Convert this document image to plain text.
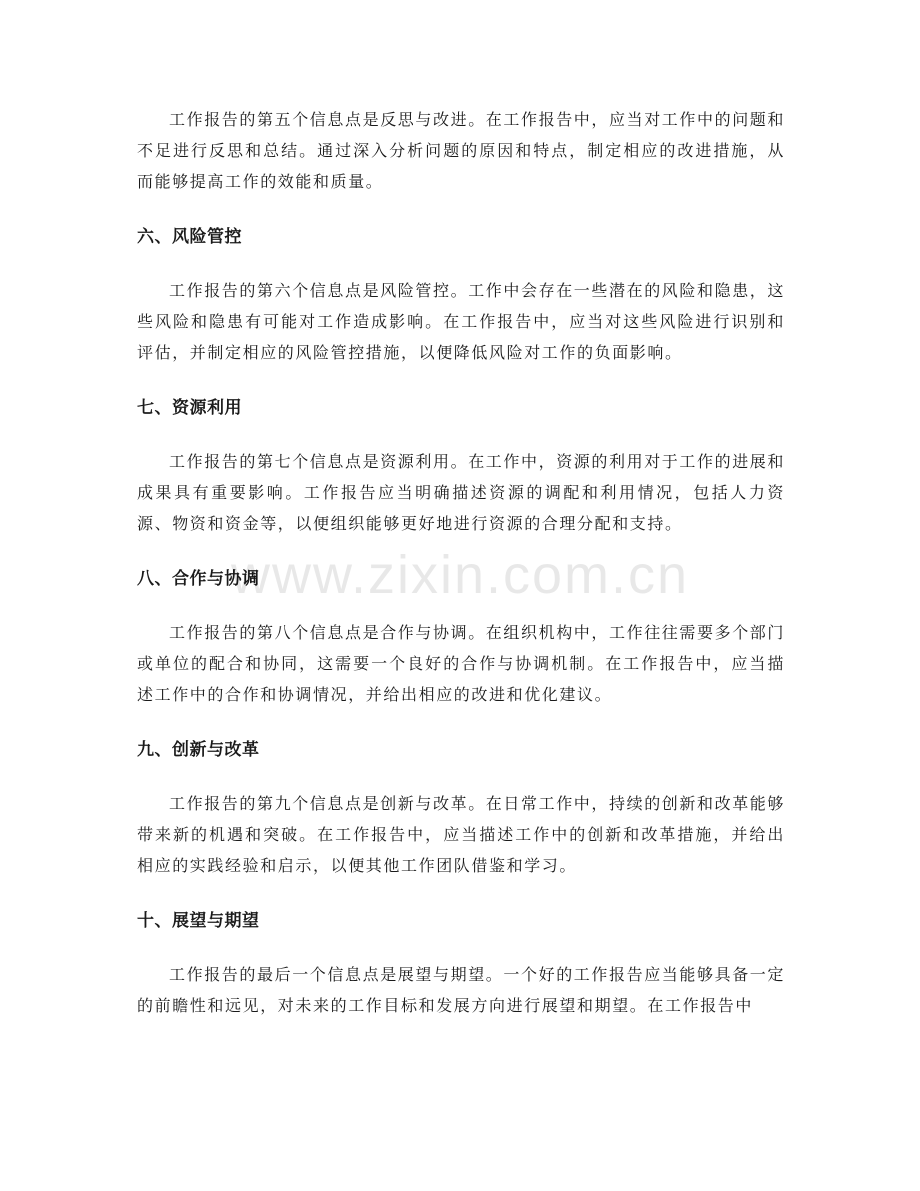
工作报告的第五个信息点是反思与改进。在工作报告中，应当对工作中的问题和不足进行反思和总结。通过深入分析问题的原因和特点，制定相应的改进措施，从而能够提高工作的效能和质量。

六、风险管控

工作报告的第六个信息点是风险管控。工作中会存在一些潜在的风险和隐患，这些风险和隐患有可能对工作造成影响。在工作报告中，应当对这些风险进行识别和评估，并制定相应的风险管控措施，以便降低风险对工作的负面影响。

七、资源利用

工作报告的第七个信息点是资源利用。在工作中，资源的利用对于工作的进展和成果具有重要影响。工作报告应当明确描述资源的调配和利用情况，包括人力资源、物资和资金等，以便组织能够更好地进行资源的合理分配和支持。

八、合作与协调

工作报告的第八个信息点是合作与协调。在组织机构中，工作往往需要多个部门或单位的配合和协同，这需要一个良好的合作与协调机制。在工作报告中，应当描述工作中的合作和协调情况，并给出相应的改进和优化建议。

九、创新与改革

工作报告的第九个信息点是创新与改革。在日常工作中，持续的创新和改革能够带来新的机遇和突破。在工作报告中，应当描述工作中的创新和改革措施，并给出相应的实践经验和启示，以便其他工作团队借鉴和学习。

十、展望与期望

工作报告的最后一个信息点是展望与期望。一个好的工作报告应当能够具备一定的前瞻性和远见，对未来的工作目标和发展方向进行展望和期望。在工作报告中

www.zixin.com.cn
